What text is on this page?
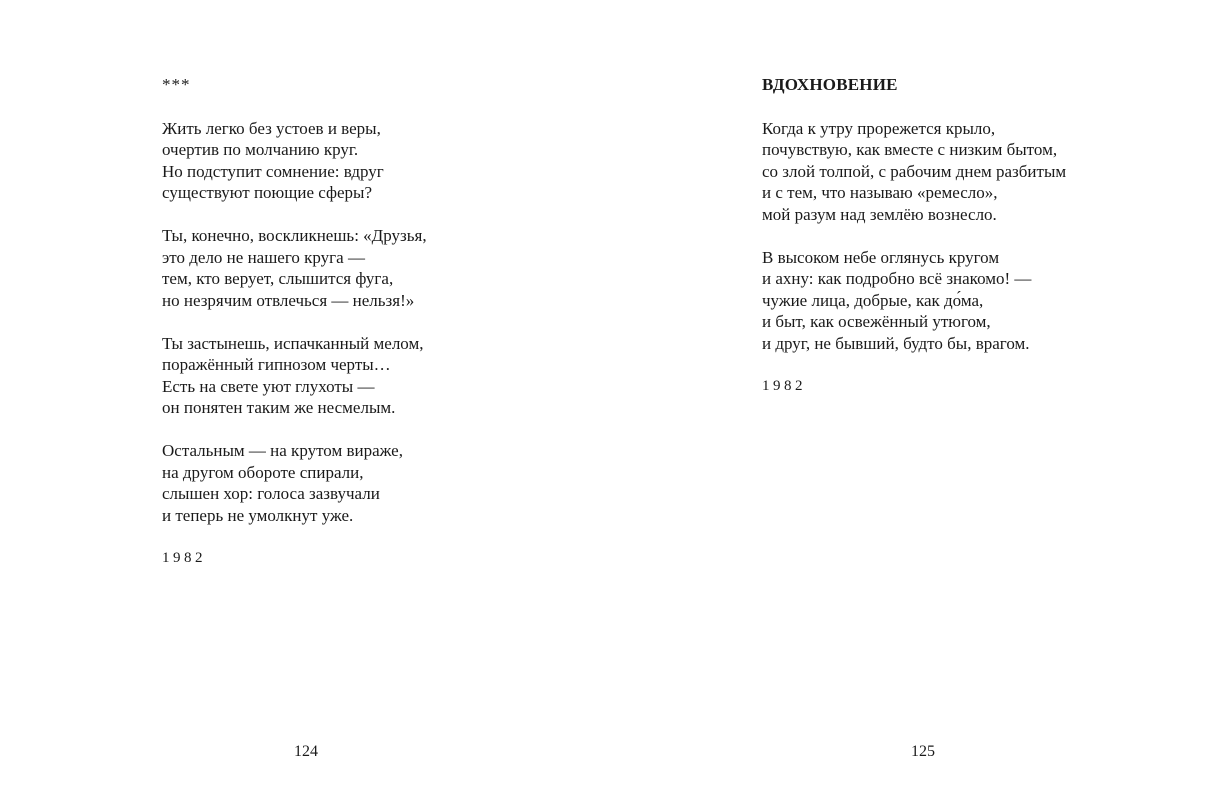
***
Жить легко без устоев и веры,
очертив по молчанию круг.
Но подступит сомнение: вдруг
существуют поющие сферы?
Ты, конечно, воскликнешь: «Друзья,
это дело не нашего круга —
тем, кто верует, слышится фуга,
но незрячим отвлечься — нельзя!»
Ты застынешь, испачканный мелом,
поражённый гипнозом черты…
Есть на свете уют глухоты —
он понятен таким же несмелым.
Остальным — на крутом вираже,
на другом обороте спирали,
слышен хор: голоса зазвучали
и теперь не умолкнут уже.
1982
124
ВДОХНОВЕНИЕ
Когда к утру прорежется крыло,
почувствую, как вместе с низким бытом,
со злой толпой, с рабочим днем разбитым
и с тем, что называю «ремесло»,
мой разум над землёю вознесло.
В высоком небе оглянусь кругом
и ахну: как подробно всё знакомо! —
чужие лица, добрые, как до́ма,
и быт, как освежённый утюгом,
и друг, не бывший, будто бы, врагом.
1982
125
